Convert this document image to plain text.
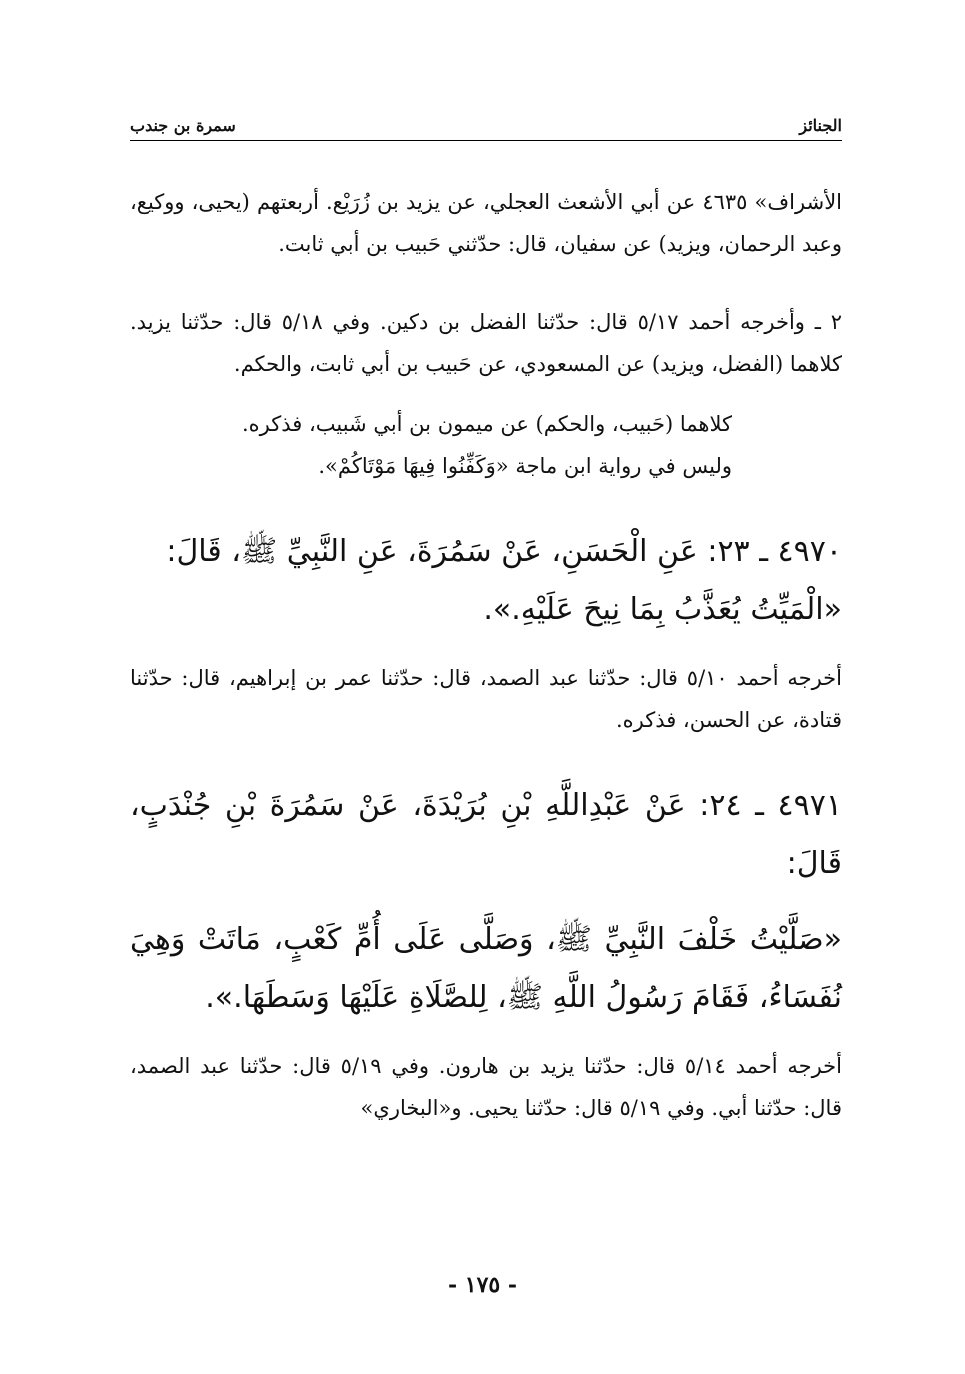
الجنائز
سمرة بن جندب

الأشراف» ٤٦٣٥ عن أبي الأشعث العجلي، عن يزيد بن زُرَيْع. أربعتهم (يحيى، ووكيع، وعبد الرحمان، ويزيد) عن سفيان، قال: حدّثني حَبيب بن أبي ثابت.

٢ ـ وأخرجه أحمد ٥/١٧ قال: حدّثنا الفضل بن دكين. وفي ٥/١٨ قال: حدّثنا يزيد. كلاهما (الفضل، ويزيد) عن المسعودي، عن حَبيب بن أبي ثابت، والحكم.

كلاهما (حَبيب، والحكم) عن ميمون بن أبي شَبيب، فذكره.

وليس في رواية ابن ماجة «وَكَفِّنُوا فِيهَا مَوْتَاكُمْ».

٤٩٧٠ ـ ٢٣: عَنِ الْحَسَنِ، عَنْ سَمُرَةَ، عَنِ النَّبِيِّ ﷺ، قَالَ:

«الْمَيِّتُ يُعَذَّبُ بِمَا نِيحَ عَلَيْهِ.».

أخرجه أحمد ٥/١٠ قال: حدّثنا عبد الصمد، قال: حدّثنا عمر بن إبراهيم، قال: حدّثنا قتادة، عن الحسن، فذكره.

٤٩٧١ ـ ٢٤: عَنْ عَبْدِاللَّهِ بْنِ بُرَيْدَةَ، عَنْ سَمُرَةَ بْنِ جُنْدَبٍ، قَالَ:

«صَلَّيْتُ خَلْفَ النَّبِيِّ ﷺ، وَصَلَّى عَلَى أُمِّ كَعْبٍ، مَاتَتْ وَهِيَ نُفَسَاءُ، فَقَامَ رَسُولُ اللَّهِ ﷺ، لِلصَّلَاةِ عَلَيْهَا وَسَطَهَا.».

أخرجه أحمد ٥/١٤ قال: حدّثنا يزيد بن هارون. وفي ٥/١٩ قال: حدّثنا عبد الصمد، قال: حدّثنا أبي. وفي ٥/١٩ قال: حدّثنا يحيى. و«البخاري»

- ١٧٥ -
